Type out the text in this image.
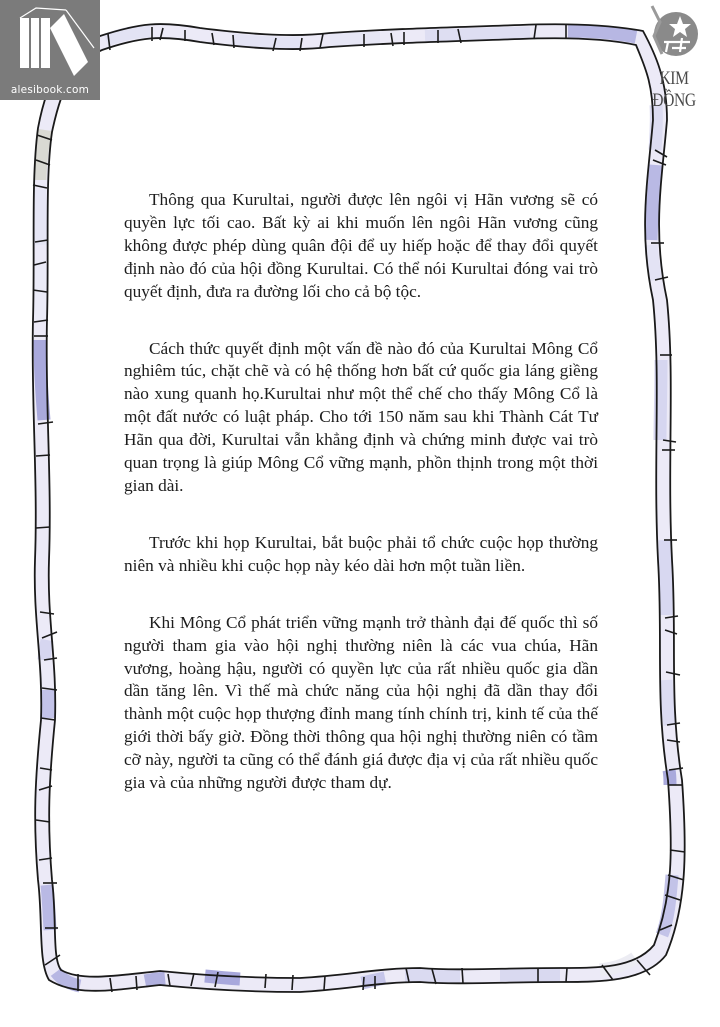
alesibook.com
KIM ĐỒNG

Thông qua Kurultai, người được lên ngôi vị Hãn vương sẽ có quyền lực tối cao. Bất kỳ ai khi muốn lên ngôi Hãn vương cũng không được phép dùng quân đội để uy hiếp hoặc để thay đổi quyết định nào đó của hội đồng Kurultai. Có thể nói Kurultai đóng vai trò quyết định, đưa ra đường lối cho cả bộ tộc.

Cách thức quyết định một vấn đề nào đó của Kurultai Mông Cổ nghiêm túc, chặt chẽ và có hệ thống hơn bất cứ quốc gia láng giềng nào xung quanh họ.Kurultai như một thể chế cho thấy Mông Cổ là một đất nước có luật pháp. Cho tới 150 năm sau khi Thành Cát Tư Hãn qua đời, Kurultai vẫn khẳng định và chứng minh được vai trò quan trọng là giúp Mông Cổ vững mạnh, phồn thịnh trong một thời gian dài.

Trước khi họp Kurultai, bắt buộc phải tổ chức cuộc họp thường niên và nhiều khi cuộc họp này kéo dài hơn một tuần liền.

Khi Mông Cổ phát triển vững mạnh trở thành đại đế quốc thì số người tham gia vào hội nghị thường niên là các vua chúa, Hãn vương, hoàng hậu, người có quyền lực của rất nhiều quốc gia dần dần tăng lên. Vì thế mà chức năng của hội nghị đã dần thay đổi thành một cuộc họp thượng đỉnh mang tính chính trị, kinh tế của thế giới thời bấy giờ. Đồng thời thông qua hội nghị thường niên có tầm cỡ này, người ta cũng có thể đánh giá được địa vị của rất nhiều quốc gia và của những người được tham dự.
